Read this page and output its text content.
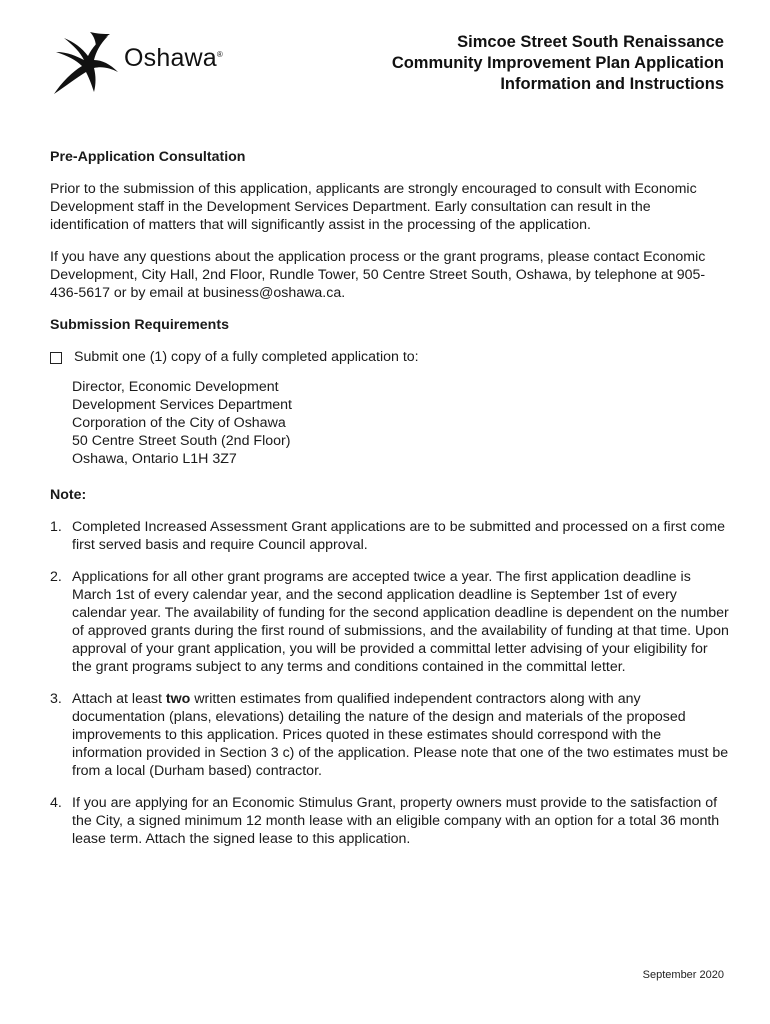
Oshawa®
Simcoe Street South Renaissance
Community Improvement Plan Application
Information and Instructions
Pre-Application Consultation

Prior to the submission of this application, applicants are strongly encouraged to consult with Economic Development staff in the Development Services Department. Early consultation can result in the identification of matters that will significantly assist in the processing of the application.

If you have any questions about the application process or the grant programs, please contact Economic Development, City Hall, 2nd Floor, Rundle Tower, 50 Centre Street South, Oshawa, by telephone at 905-436-5617 or by email at business@oshawa.ca.

Submission Requirements
Submit one (1) copy of a fully completed application to:
Director, Economic Development
Development Services Department
Corporation of the City of Oshawa
50 Centre Street South (2nd Floor)
Oshawa, Ontario L1H 3Z7
Note:
1. Completed Increased Assessment Grant applications are to be submitted and processed on a first come first served basis and require Council approval.
2. Applications for all other grant programs are accepted twice a year. The first application deadline is March 1st of every calendar year, and the second application deadline is September 1st of every calendar year. The availability of funding for the second application deadline is dependent on the number of approved grants during the first round of submissions, and the availability of funding at that time. Upon approval of your grant application, you will be provided a committal letter advising of your eligibility for the grant programs subject to any terms and conditions contained in the committal letter.
3. Attach at least two written estimates from qualified independent contractors along with any documentation (plans, elevations) detailing the nature of the design and materials of the proposed improvements to this application. Prices quoted in these estimates should correspond with the information provided in Section 3 c) of the application. Please note that one of the two estimates must be from a local (Durham based) contractor.
4. If you are applying for an Economic Stimulus Grant, property owners must provide to the satisfaction of the City, a signed minimum 12 month lease with an eligible company with an option for a total 36 month lease term. Attach the signed lease to this application.
September 2020
